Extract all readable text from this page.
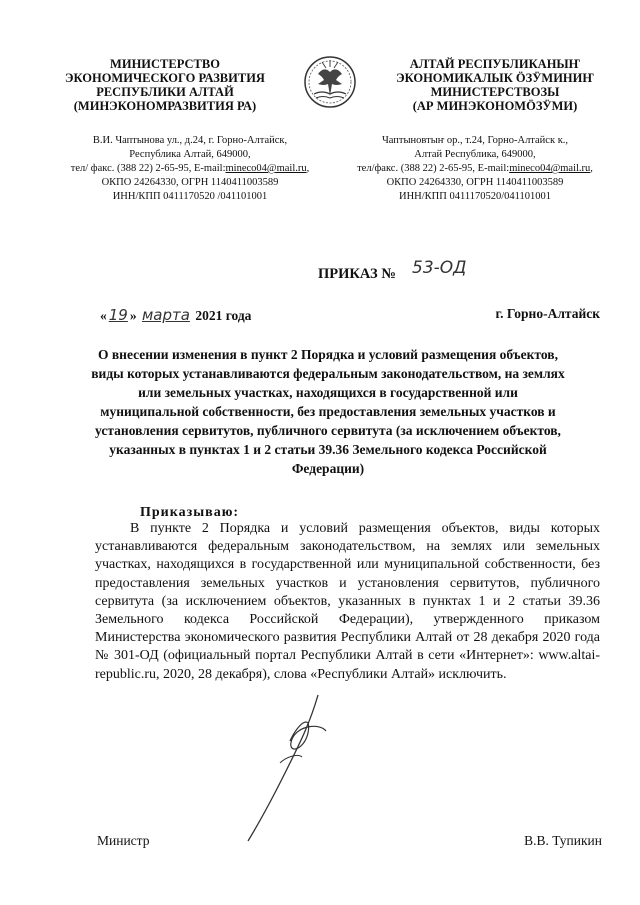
МИНИСТЕРСТВО
ЭКОНОМИЧЕСКОГО РАЗВИТИЯ
РЕСПУБЛИКИ АЛТАЙ
(МИНЭКОНОМРАЗВИТИЯ РА)
АЛТАЙ РЕСПУБЛИКАНЫҤ
ЭКОНОМИКАЛЫК ӦЗӰМИНИҤ
МИНИСТЕРСТВОЗЫ
(АР МИНЭКОНОМӦЗӰМИ)
В.И. Чаптынова ул., д.24, г. Горно-Алтайск,
Республика Алтай, 649000,
тел/ факс. (388 22) 2-65-95, E-mail:mineco04@mail.ru,
ОКПО 24264330, ОГРН 1140411003589
ИНН/КПП 0411170520 /041101001
Чаптыновтыҥ ор., т.24, Горно-Алтайск к.,
Алтай Республика, 649000,
тел/факс. (388 22) 2-65-95, E-mail:mineco04@mail.ru,
ОКПО 24264330, ОГРН 1140411003589
ИНН/КПП 0411170520/041101001
ПРИКАЗ № 53-ОД
« 19 » марта 2021 года	г. Горно-Алтайск
О внесении изменения в пункт 2 Порядка и условий размещения объектов, виды которых устанавливаются федеральным законодательством, на землях или земельных участках, находящихся в государственной или муниципальной собственности, без предоставления земельных участков и установления сервитутов, публичного сервитута (за исключением объектов, указанных в пунктах 1 и 2 статьи 39.36 Земельного кодекса Российской Федерации)
Приказываю:
В пункте 2 Порядка и условий размещения объектов, виды которых устанавливаются федеральным законодательством, на землях или земельных участках, находящихся в государственной или муниципальной собственности, без предоставления земельных участков и установления сервитутов, публичного сервитута (за исключением объектов, указанных в пунктах 1 и 2 статьи 39.36 Земельного кодекса Российской Федерации), утвержденного приказом Министерства экономического развития Республики Алтай от 28 декабря 2020 года № 301-ОД (официальный портал Республики Алтай в сети «Интернет»: www.altai-republic.ru, 2020, 28 декабря), слова «Республики Алтай» исключить.
Министр	В.В. Тупикин
